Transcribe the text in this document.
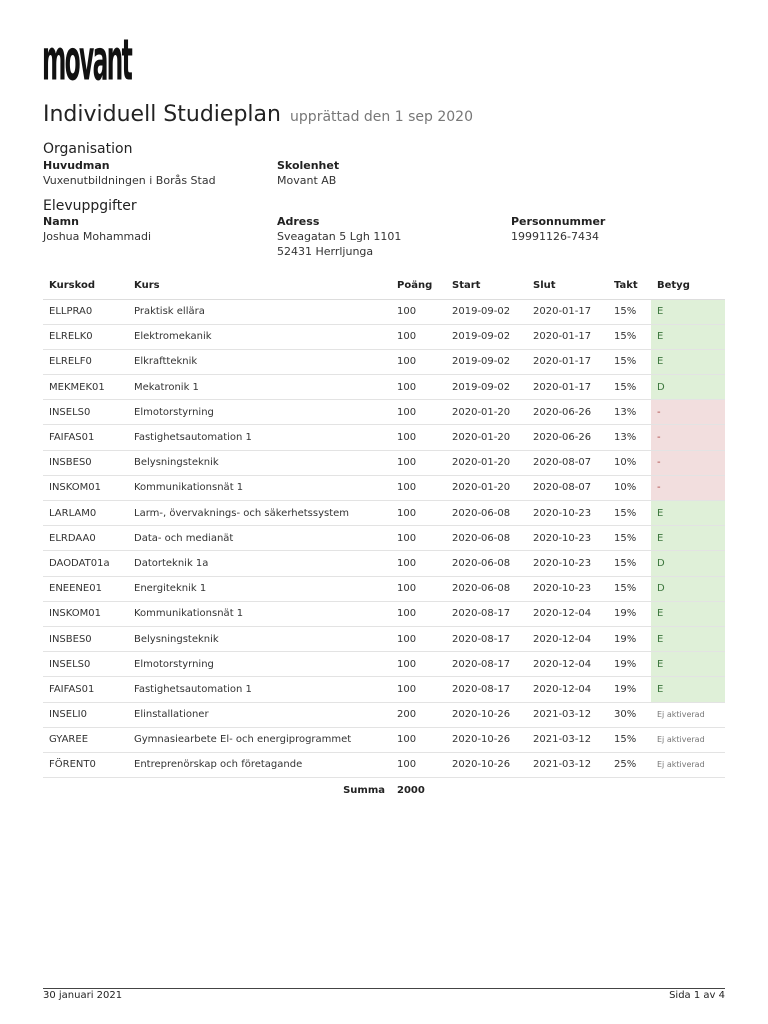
movant
Individuell Studieplan upprättad den 1 sep 2020
Organisation
Huvudman
Vuxenutbildningen i Borås Stad
Skolenhet
Movant AB
Elevuppgifter
Namn
Joshua Mohammadi
Adress
Sveagatan 5 Lgh 1101
52431 Herrljunga
Personnummer
19991126-7434
Kurskod	Kurs	Poäng	Start	Slut	Takt	Betyg
ELLPRA0	Praktisk ellära	100	2019-09-02	2020-01-17	15%	E
ELRELK0	Elektromekanik	100	2019-09-02	2020-01-17	15%	E
ELRELF0	Elkraftteknik	100	2019-09-02	2020-01-17	15%	E
MEKMEK01	Mekatronik 1	100	2019-09-02	2020-01-17	15%	D
INSELS0	Elmotorstyrning	100	2020-01-20	2020-06-26	13%	-
FAIFAS01	Fastighetsautomation 1	100	2020-01-20	2020-06-26	13%	-
INSBES0	Belysningsteknik	100	2020-01-20	2020-08-07	10%	-
INSKOM01	Kommunikationsnät 1	100	2020-01-20	2020-08-07	10%	-
LARLAM0	Larm-, övervaknings- och säkerhetssystem	100	2020-06-08	2020-10-23	15%	E
ELRDAA0	Data- och medianät	100	2020-06-08	2020-10-23	15%	E
DAODAT01a	Datorteknik 1a	100	2020-06-08	2020-10-23	15%	D
ENEENE01	Energiteknik 1	100	2020-06-08	2020-10-23	15%	D
INSKOM01	Kommunikationsnät 1	100	2020-08-17	2020-12-04	19%	E
INSBES0	Belysningsteknik	100	2020-08-17	2020-12-04	19%	E
INSELS0	Elmotorstyrning	100	2020-08-17	2020-12-04	19%	E
FAIFAS01	Fastighetsautomation 1	100	2020-08-17	2020-12-04	19%	E
INSELI0	Elinstallationer	200	2020-10-26	2021-03-12	30%	Ej aktiverad
GYAREE	Gymnasiearbete El- och energiprogrammet	100	2020-10-26	2021-03-12	15%	Ej aktiverad
FÖRENT0	Entreprenörskap och företagande	100	2020-10-26	2021-03-12	25%	Ej aktiverad
	Summa	2000				
30 januari 2021	Sida 1 av 4
